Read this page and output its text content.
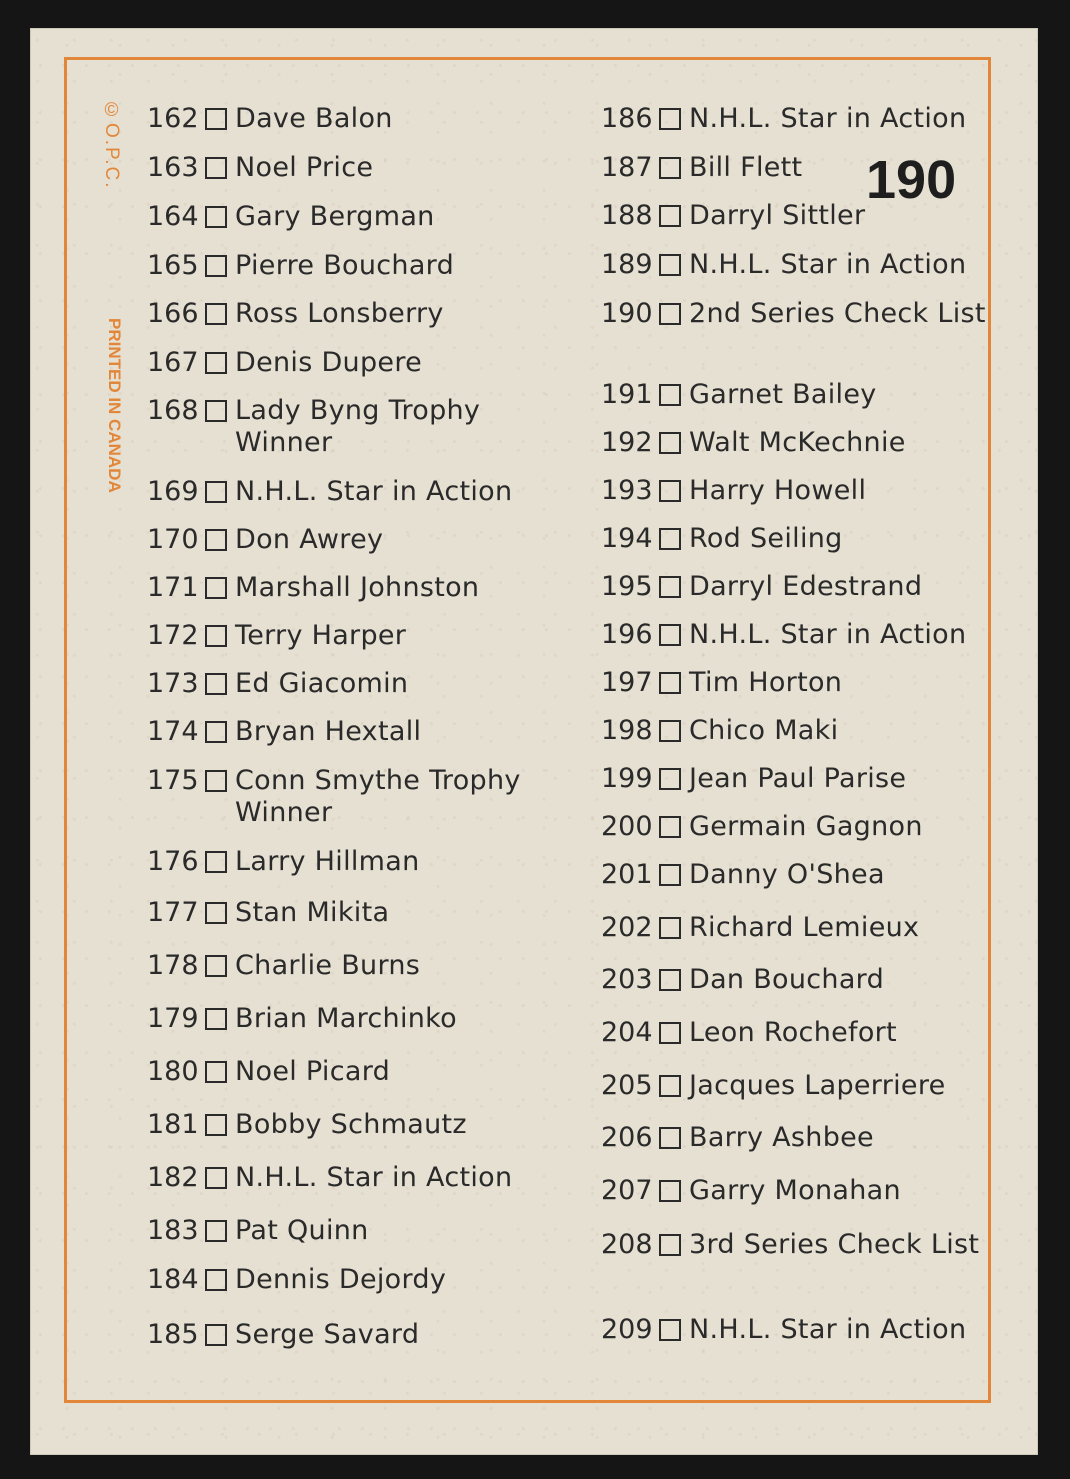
©O.P.C.
PRINTED IN CANADA
190
162 Dave Balon
163 Noel Price
164 Gary Bergman
165 Pierre Bouchard
166 Ross Lonsberry
167 Denis Dupere
168 Lady Byng Trophy Winner
169 N.H.L. Star in Action
170 Don Awrey
171 Marshall Johnston
172 Terry Harper
173 Ed Giacomin
174 Bryan Hextall
175 Conn Smythe Trophy Winner
176 Larry Hillman
177 Stan Mikita
178 Charlie Burns
179 Brian Marchinko
180 Noel Picard
181 Bobby Schmautz
182 N.H.L. Star in Action
183 Pat Quinn
184 Dennis Dejordy
185 Serge Savard
186 N.H.L. Star in Action
187 Bill Flett
188 Darryl Sittler
189 N.H.L. Star in Action
190 2nd Series Check List
191 Garnet Bailey
192 Walt McKechnie
193 Harry Howell
194 Rod Seiling
195 Darryl Edestrand
196 N.H.L. Star in Action
197 Tim Horton
198 Chico Maki
199 Jean Paul Parise
200 Germain Gagnon
201 Danny O'Shea
202 Richard Lemieux
203 Dan Bouchard
204 Leon Rochefort
205 Jacques Laperriere
206 Barry Ashbee
207 Garry Monahan
208 3rd Series Check List
209 N.H.L. Star in Action
